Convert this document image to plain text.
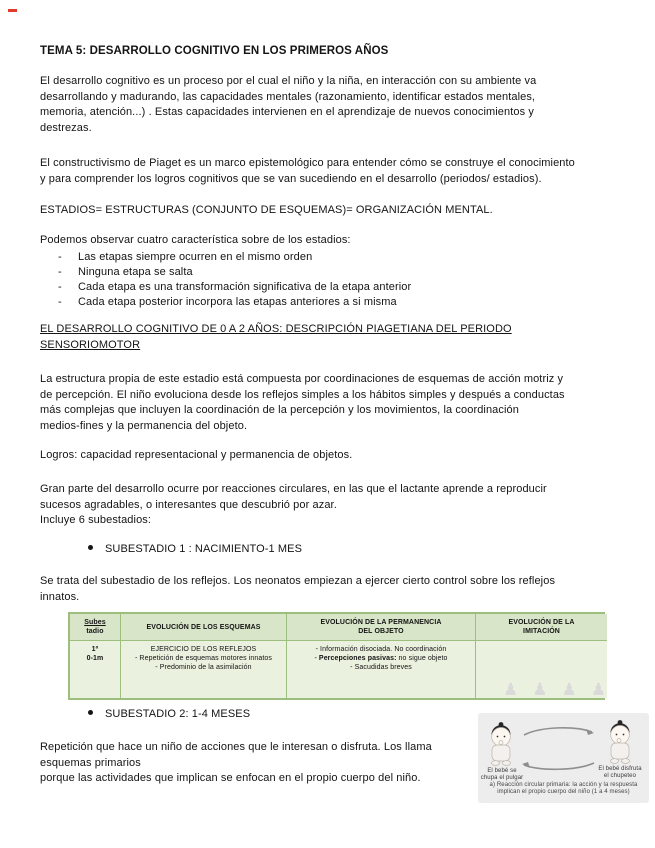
TEMA 5: DESARROLLO COGNITIVO EN LOS PRIMEROS AÑOS
El desarrollo cognitivo es un proceso por el cual el niño y la niña, en interacción con su ambiente va
desarrollando y madurando, las capacidades mentales (razonamiento, identificar estados mentales,
memoria, atención...) . Estas capacidades intervienen en el aprendizaje de nuevos conocimientos y
destrezas.
El constructivismo de Piaget es un marco epistemológico para entender cómo se construye el conocimiento
y para comprender los logros cognitivos que se van sucediendo en el desarrollo (periodos/ estadios).
ESTADIOS= ESTRUCTURAS (CONJUNTO DE ESQUEMAS)= ORGANIZACIÓN MENTAL.
Podemos observar cuatro característica sobre de los estadios:
- Las etapas siempre ocurren en el mismo orden
- Ninguna etapa se salta
- Cada etapa es una transformación significativa de la etapa anterior
- Cada etapa posterior incorpora las etapas anteriores a si misma
EL DESARROLLO COGNITIVO DE 0 A 2 AÑOS: DESCRIPCIÓN PIAGETIANA DEL PERIODO
SENSORIOMOTOR
La estructura propia de este estadio está compuesta por coordinaciones de esquemas de acción motriz y
de percepción. El niño evoluciona desde los reflejos simples a los hábitos simples y después a conductas
más complejas que incluyen la coordinación de la percepción y los movimientos, la coordinación
medios-fines y la permanencia del objeto.
Logros: capacidad representacional y permanencia de objetos.
Gran parte del desarrollo ocurre por reacciones circulares, en las que el lactante aprende a reproducir
sucesos agradables, o interesantes que descubrió por azar.
Incluye 6 subestadios:
SUBESTADIO 1 : NACIMIENTO-1 MES
Se trata del subestadio de los reflejos. Los neonatos empiezan a ejercer cierto control sobre los reflejos
innatos.
Subes
tadio
EVOLUCIÓN DE LOS ESQUEMAS
EVOLUCIÓN DE LA PERMANENCIA
DEL OBJETO
EVOLUCIÓN DE LA
IMITACIÓN
1º
0-1m
EJERCICIO DE LOS REFLEJOS
- Repetición de esquemas motores innatos
- Predominio de la asimilación
- Información disociada. No coordinación
- Percepciones pasivas: no sigue objeto
- Sacudidas breves
♟♟♟♟
SUBESTADIO 2: 1-4 MESES
Repetición que hace un niño de acciones que le interesan o disfruta. Los llama
esquemas primarios
porque las actividades que implican se enfocan en el propio cuerpo del niño.
El bebé se
chupa el pulgar
El bebé disfruta
el chupeteo
a) Reacción circular primaria: la acción y la respuesta
implican el propio cuerpo del niño (1 a 4 meses)
